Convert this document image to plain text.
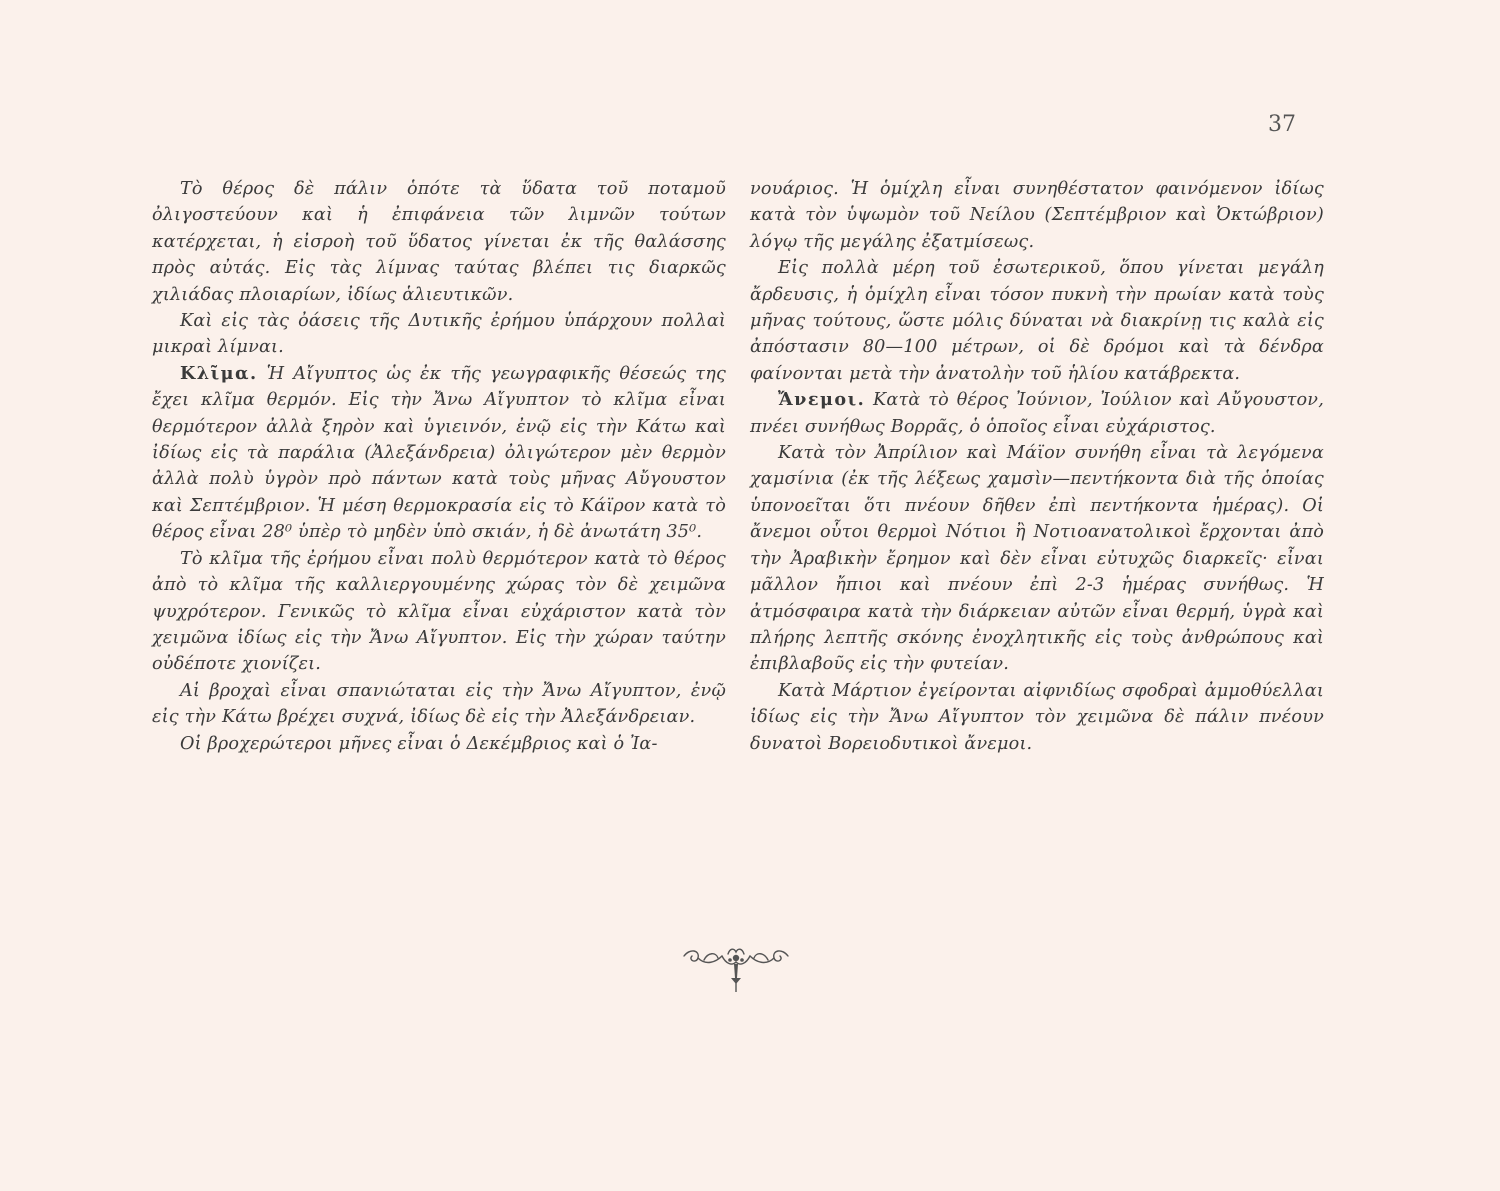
37

Τὸ θέρος δὲ πάλιν ὁπότε τὰ ὕδατα τοῦ ποταμοῦ ὀλιγοστεύουν καὶ ἡ ἐπιφάνεια τῶν λιμνῶν τούτων κατέρχεται, ἡ εἰσροὴ τοῦ ὕδατος γίνεται ἐκ τῆς θαλάσσης πρὸς αὐτάς. Εἰς τὰς λίμνας ταύτας βλέπει τις διαρκῶς χιλιάδας πλοιαρίων, ἰδίως ἁλιευτικῶν.

Καὶ εἰς τὰς ὀάσεις τῆς Δυτικῆς ἐρήμου ὑπάρχουν πολλαὶ μικραὶ λίμναι.

Κλῖμα. Ἡ Αἴγυπτος ὡς ἐκ τῆς γεωγραφικῆς θέσεώς της ἔχει κλῖμα θερμόν. Εἰς τὴν Ἄνω Αἴγυπτον τὸ κλῖμα εἶναι θερμότερον ἀλλὰ ξηρὸν καὶ ὑγιεινόν, ἐνῷ εἰς τὴν Κάτω καὶ ἰδίως εἰς τὰ παράλια (Ἀλεξάνδρεια) ὀλιγώτερον μὲν θερμὸν ἀλλὰ πολὺ ὑγρὸν πρὸ πάντων κατὰ τοὺς μῆνας Αὔγουστον καὶ Σεπτέμβριον. Ἡ μέση θερμοκρασία εἰς τὸ Κάϊρον κατὰ τὸ θέρος εἶναι 28⁰ ὑπὲρ τὸ μηδὲν ὑπὸ σκιάν, ἡ δὲ ἀνωτάτη 35⁰.

Τὸ κλῖμα τῆς ἐρήμου εἶναι πολὺ θερμότερον κατὰ τὸ θέρος ἀπὸ τὸ κλῖμα τῆς καλλιεργουμένης χώρας τὸν δὲ χειμῶνα ψυχρότερον. Γενικῶς τὸ κλῖμα εἶναι εὐχάριστον κατὰ τὸν χειμῶνα ἰδίως εἰς τὴν Ἄνω Αἴγυπτον. Εἰς τὴν χώραν ταύτην οὐδέποτε χιονίζει.

Αἱ βροχαὶ εἶναι σπανιώταται εἰς τὴν Ἄνω Αἴγυπτον, ἐνῷ εἰς τὴν Κάτω βρέχει συχνά, ἰδίως δὲ εἰς τὴν Ἀλεξάνδρειαν.

Οἱ βροχερώτεροι μῆνες εἶναι ὁ Δεκέμβριος καὶ ὁ Ἰα-

νουάριος. Ἡ ὁμίχλη εἶναι συνηθέστατον φαινόμενον ἰδίως κατὰ τὸν ὑψωμὸν τοῦ Νείλου (Σεπτέμβριον καὶ Ὀκτώβριον) λόγῳ τῆς μεγάλης ἐξατμίσεως.

Εἰς πολλὰ μέρη τοῦ ἐσωτερικοῦ, ὅπου γίνεται μεγάλη ἄρδευσις, ἡ ὁμίχλη εἶναι τόσον πυκνὴ τὴν πρωίαν κατὰ τοὺς μῆνας τούτους, ὥστε μόλις δύναται νὰ διακρίνῃ τις καλὰ εἰς ἀπόστασιν 80—100 μέτρων, οἱ δὲ δρόμοι καὶ τὰ δένδρα φαίνονται μετὰ τὴν ἀνατολὴν τοῦ ἡλίου κατάβρεκτα.

Ἄνεμοι. Κατὰ τὸ θέρος Ἰούνιον, Ἰούλιον καὶ Αὔγουστον, πνέει συνήθως Βορρᾶς, ὁ ὁποῖος εἶναι εὐχάριστος.

Κατὰ τὸν Ἀπρίλιον καὶ Μάϊον συνήθη εἶναι τὰ λεγόμενα χαμσίνια (ἐκ τῆς λέξεως χαμσὶν—πεντήκοντα διὰ τῆς ὁποίας ὑπονοεῖται ὅτι πνέουν δῆθεν ἐπὶ πεντήκοντα ἡμέρας). Οἱ ἄνεμοι οὗτοι θερμοὶ Νότιοι ἢ Νοτιοανατολικοὶ ἔρχονται ἀπὸ τὴν Ἀραβικὴν ἔρημον καὶ δὲν εἶναι εὐτυχῶς διαρκεῖς· εἶναι μᾶλλον ἤπιοι καὶ πνέουν ἐπὶ 2-3 ἡμέρας συνήθως. Ἡ ἀτμόσφαιρα κατὰ τὴν διάρκειαν αὐτῶν εἶναι θερμή, ὑγρὰ καὶ πλήρης λεπτῆς σκόνης ἐνοχλητικῆς εἰς τοὺς ἀνθρώπους καὶ ἐπιβλαβοῦς εἰς τὴν φυτείαν.

Κατὰ Μάρτιον ἐγείρονται αἰφνιδίως σφοδραὶ ἀμμοθύελλαι ἰδίως εἰς τὴν Ἄνω Αἴγυπτον τὸν χειμῶνα δὲ πάλιν πνέουν δυνατοὶ Βορειοδυτικοὶ ἄνεμοι.
